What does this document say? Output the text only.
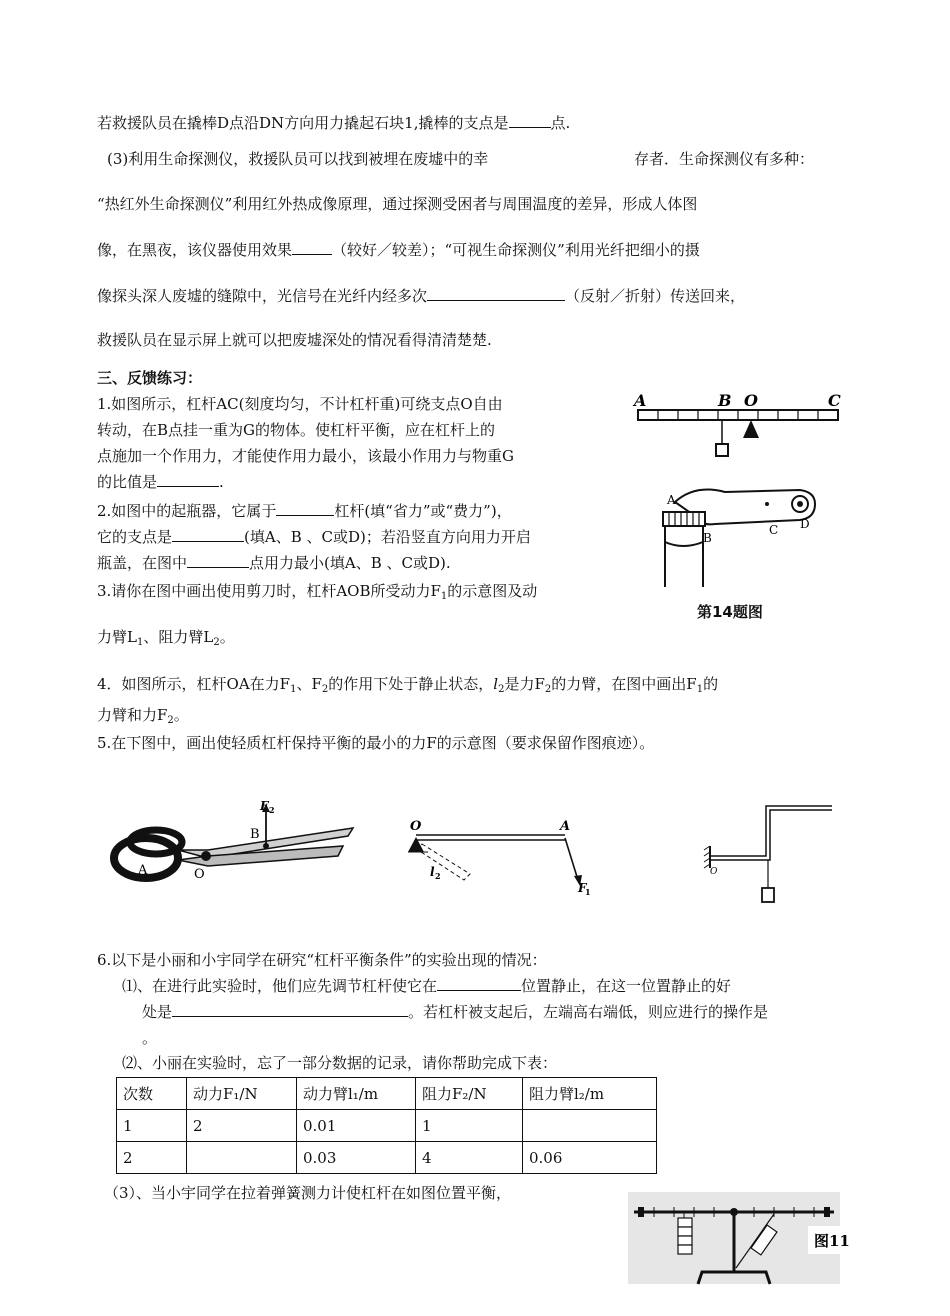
若救援队员在撬棒D点沿DN方向用力撬起石块1,撬棒的支点是	点.
(3)利用生命探测仪，救援队员可以找到被埋在废墟中的幸	存者．生命探测仪有多种：
“热红外生命探测仪”利用红外热成像原理，通过探测受困者与周围温度的差异，形成人体图
像，在黑夜，该仪器使用效果	（较好／较差）；“可视生命探测仪”利用光纤把细小的摄
像探头深人废墟的缝隙中，光信号在光纤内经多次	（反射／折射）传送回来，
救援队员在显示屏上就可以把废墟深处的情况看得清清楚楚.
三、反馈练习：
1.如图所示，杠杆AC(刻度均匀，不计杠杆重)可绕支点O自由
转动，在B点挂一重为G的物体。使杠杆平衡，应在杠杆上的
点施加一个作用力，才能使作用力最小，该最小作用力与物重G
的比值是	.
2.如图中的起瓶器，它属于	杠杆(填“省力”或“费力”)，
它的支点是	(填A、B 、C或D)；若沿竖直方向用力开启
瓶盖，在图中	点用力最小(填A、B 、C或D).
3.请你在图中画出使用剪刀时，杠杆AOB所受动力$F_1$的示意图及动
力臂$L_1$、阻力臂$L_2$。
第14题图
4．如图所示，杠杆OA在力$F_1$、$F_2$的作用下处于静止状态，$l_2$是力$F_2$的力臂，在图中画出$F_1$的
力臂和力$F_2$。
5.在下图中，画出使轻质杠杆保持平衡的最小的力F的示意图（要求保留作图痕迹）。
A	B O	C
A
B
C D
F 2
B
A	O
O	A
l 2
F
1
O
6.以下是小丽和小宇同学在研究“杠杆平衡条件”的实验出现的情况：
⑴、在进行此实验时，他们应先调节杠杆使它在	位置静止，在这一位置静止的好
处是	。若杠杆被支起后，左端高右端低，则应进行的操作是
。
⑵、小丽在实验时，忘了一部分数据的记录，请你帮助完成下表：
次数	动力F₁/N	动力臂l₁/m	阻力F₂/N	阻力臂l₂/m
1	2	0.01	1	
2		0.03	4	0.06
（3）、当小宇同学在拉着弹簧测力计使杠杆在如图位置平衡，
图11
